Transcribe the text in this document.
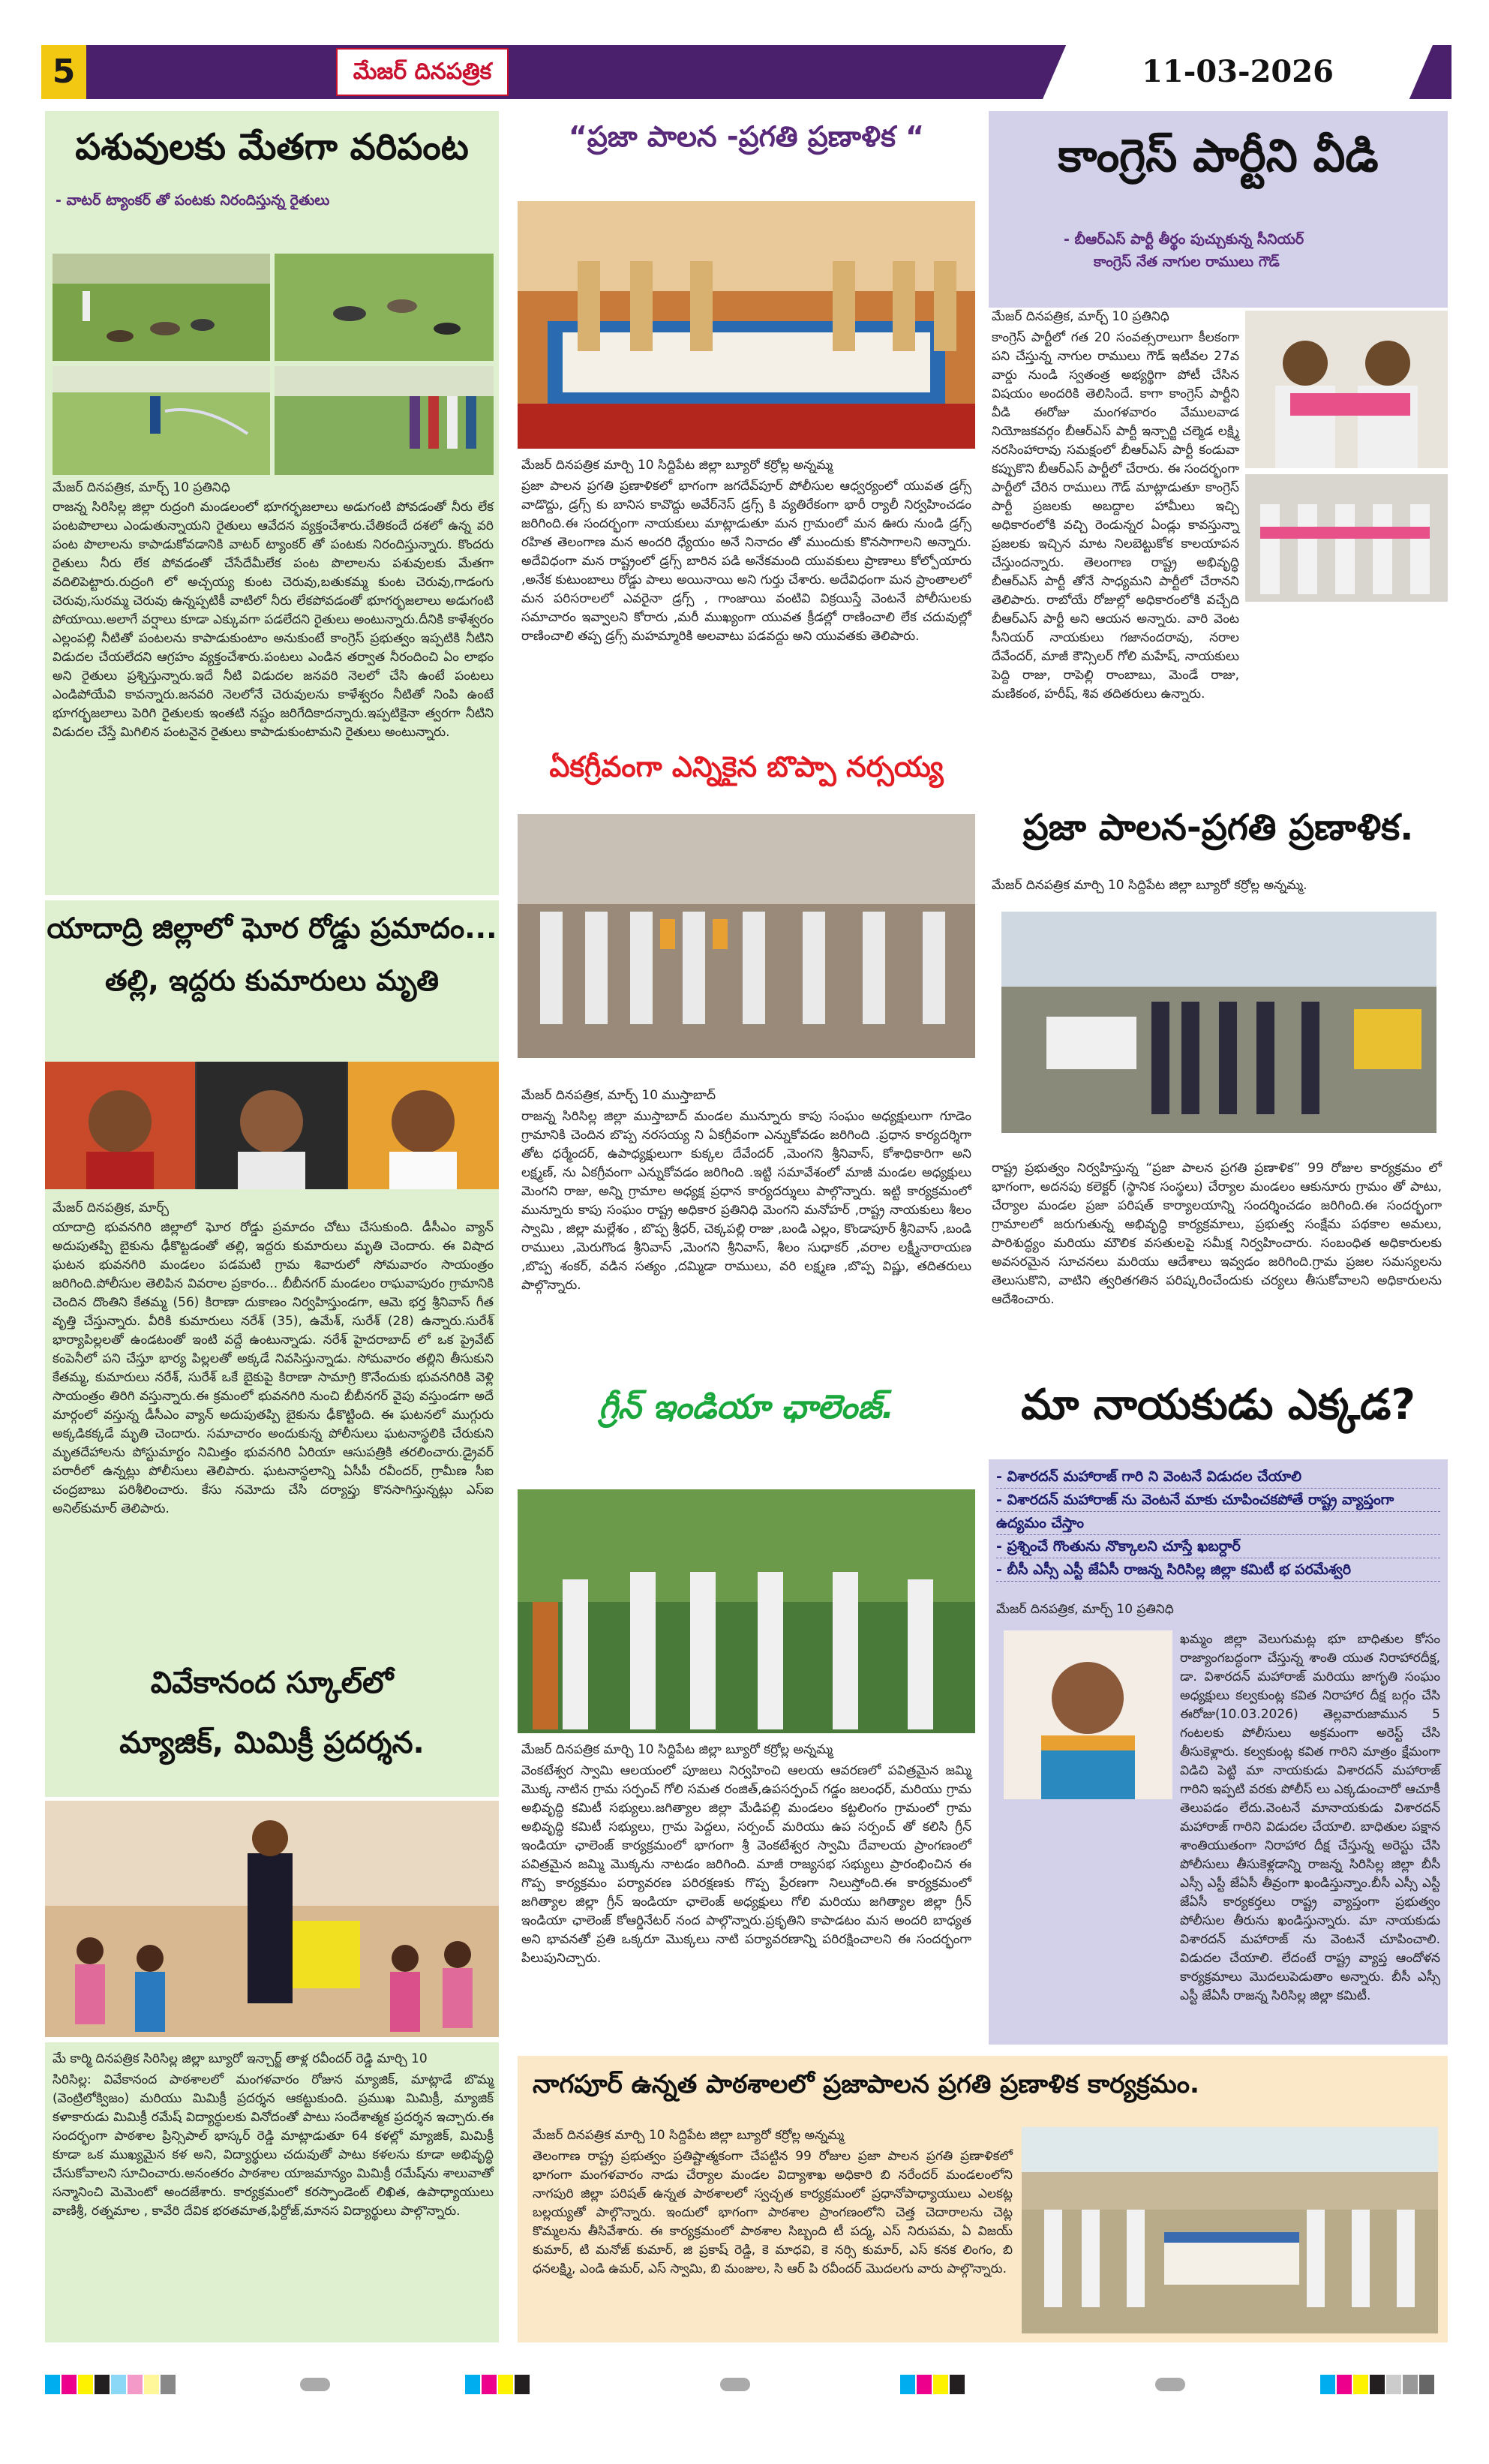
5	మేజర్ దినపత్రిక	11-03-2026
పశువులకు మేతగా వరిపంట
- వాటర్ ట్యాంకర్ తో పంటకు నిరందిస్తున్న రైతులు
మేజర్ దినపత్రిక, మార్చ్ 10 ప్రతినిధి
రాజన్న సిరిసిల్ల జిల్లా రుద్రంగి మండలంలో భూగర్భజలాలు అడుగంటి పోవడంతో నీరు లేక పంటపొలాలు ఎండుతున్నాయని రైతులు ఆవేదన వ్యక్తంచేశారు.చేతికందే దశలో ఉన్న వరి పంట పొలాలను కాపాడుకోవడానికి వాటర్ ట్యాంకర్ తో పంటకు నిరందిస్తున్నారు. కొందరు రైతులు నీరు లేక పోవడంతో చేసేదేమీలేక పంట పొలాలను పశువులకు మేతగా వదిలిపెట్టారు.రుద్రంగి లో అచ్చయ్య కుంట చెరువు,బతుకమ్మ కుంట చెరువు,గాడంగు చెరువు,సురమ్మ చెరువు ఉన్నప్పటికీ వాటిలో నీరు లేకపోవడంతో భూగర్భజలాలు అడుగంటి పోయాయి.అలాగే వర్షాలు కూడా ఎక్కువగా పడలేదని రైతులు అంటున్నారు.దీనికి కాళేశ్వరం ఎల్లంపల్లి నీటితో పంటలను కాపాడుకుంటాం అనుకుంటే కాంగ్రెస్ ప్రభుత్వం ఇప్పటికి నీటిని విడుదల చేయలేదని ఆగ్రహం వ్యక్తంచేశారు.పంటలు ఎండిన తర్వాత నీరందించి ఏం లాభం అని రైతులు ప్రశ్నిస్తున్నారు.ఇదే నీటి విడుదల జనవరి నెలలో చేసి ఉంటే పంటలు ఎండిపోయేవి కావన్నారు.జనవరి నెలలోనే చెరువులను కాళేశ్వరం నీటితో నింపి ఉంటే భూగర్భజలాలు పెరిగి రైతులకు ఇంతటి నష్టం జరిగేదికాదన్నారు.ఇప్పటికైనా త్వరగా నీటిని విడుదల చేస్తే మిగిలిన పంటనైన రైతులు కాపాడుకుంటామని రైతులు అంటున్నారు.
యాదాద్రి జిల్లాలో ఘోర రోడ్డు ప్రమాదం...
తల్లి, ఇద్దరు కుమారులు మృతి
మేజర్ దినపత్రిక, మార్చ్
యాదాద్రి భువనగిరి జిల్లాలో ఘోర రోడ్డు ప్రమాదం చోటు చేసుకుంది. డీసీఎం వ్యాన్ అదుపుతప్పి బైకును ఢీకొట్టడంతో తల్లి, ఇద్దరు కుమారులు మృతి చెందారు. ఈ విషాద ఘటన భువనగిరి మండలం పడమటి గ్రామ శివారులో సోమవారం సాయంత్రం జరిగింది.పోలీసుల తెలిపిన వివరాల ప్రకారం... బీబీనగర్ మండలం రాఘవాపురం గ్రామానికి చెందిన దొంతిని కేతమ్మ (56) కిరాణా దుకాణం నిర్వహిస్తుండగా, ఆమె భర్త శ్రీనివాస్ గీత వృత్తి చేస్తున్నారు. వీరికి కుమారులు నరేశ్ (35), ఉమేశ్, సురేశ్ (28) ఉన్నారు.సురేశ్ భార్యాపిల్లలతో ఉండటంతో ఇంటి వద్దే ఉంటున్నాడు. నరేశ్ హైదరాబాద్ లో ఒక ప్రైవేట్ కంపెనీలో పని చేస్తూ భార్య పిల్లలతో అక్కడే నివసిస్తున్నాడు. సోమవారం తల్లిని తీసుకుని కేతమ్మ, కుమారులు నరేశ్, సురేశ్ ఒకే బైకుపై కిరాణా సామాగ్రి కొనేందుకు భువనగిరికి వెళ్లి సాయంత్రం తిరిగి వస్తున్నారు.ఈ క్రమంలో భువనగిరి నుంచి బీబీనగర్ వైపు వస్తుండగా అదే మార్గంలో వస్తున్న డీసీఎం వ్యాన్ అదుపుతప్పి బైకును ఢీకొట్టింది. ఈ ఘటనలో ముగ్గురు అక్కడికక్కడే మృతి చెందారు. సమాచారం అందుకున్న పోలీసులు ఘటనాస్థలికి చేరుకుని మృతదేహాలను పోస్టుమార్టం నిమిత్తం భువనగిరి ఏరియా ఆసుపత్రికి తరలించారు.డ్రైవర్ పరారీలో ఉన్నట్లు పోలీసులు తెలిపారు. ఘటనాస్థలాన్ని ఏసీపీ రవీందర్, గ్రామీణ సీఐ చంద్రబాబు పరిశీలించారు. కేసు నమోదు చేసి దర్యాప్తు కొనసాగిస్తున్నట్లు ఎస్ఐ అనిల్‌కుమార్ తెలిపారు.
వివేకానంద స్కూల్‌లో
మ్యాజిక్, మిమిక్రీ ప్రదర్శన.
మే కార్మి దినపత్రిక సిరిసిల్ల జిల్లా బ్యూరో ఇన్చార్జ్ తాళ్ల రవీందర్ రెడ్డి మార్చి 10
సిరిసిల్ల: వివేకానంద పాఠశాలలో మంగళవారం రోజున మ్యాజిక్, మాట్లాడే బొమ్మ (వెంట్రిలోక్విజం) మరియు మిమిక్రీ ప్రదర్శన ఆకట్టుకుంది. ప్రముఖ మిమిక్రీ, మ్యాజిక్ కళాకారుడు మిమిక్రీ రమేష్ విద్యార్థులకు వినోదంతో పాటు సందేశాత్మక ప్రదర్శన ఇచ్చారు.ఈ సందర్భంగా పాఠశాల ప్రిన్సిపాల్ భాస్కర్ రెడ్డి మాట్లాడుతూ 64 కళల్లో మ్యాజిక్, మిమిక్రీ కూడా ఒక ముఖ్యమైన కళ అని, విద్యార్థులు చదువుతో పాటు కళలను కూడా అభివృద్ధి చేసుకోవాలని సూచించారు.అనంతరం పాఠశాల యాజమాన్యం మిమిక్రీ రమేష్‌ను శాలువాతో సన్మానించి మెమెంటో అందజేశారు. కార్యక్రమంలో కరస్పాండెంట్ లిఖిత, ఉపాధ్యాయులు వాణిశ్రీ, రత్నమాల , కావేరి దేవిక భరతమాత,ఫిర్దోజ్,మానస విద్యార్థులు పాల్గొన్నారు.
“ప్రజా పాలన -ప్రగతి ప్రణాళిక “
మేజర్ దినపత్రిక మార్చి 10 సిద్దిపేట జిల్లా బ్యూరో కర్రోల్ల అన్నమ్మ
ప్రజా పాలన ప్రగతి ప్రణాళికలో భాగంగా జగదేవ్‌పూర్ పోలీసుల ఆధ్వర్యంలో యువత డ్రగ్స్ వాడొద్దు, డ్రగ్స్ కు బానిస కావొద్దు అవేర్‌నెస్ డ్రగ్స్ కి వ్యతిరేకంగా భారీ ర్యాలీ నిర్వహించడం జరిగింది.ఈ సందర్భంగా నాయకులు మాట్లాడుతూ మన గ్రామంలో మన ఊరు నుండి డ్రగ్స్ రహిత తెలంగాణ మన అందరి ధ్యేయం అనే నినాదం తో ముందుకు కొనసాగాలని అన్నారు. అదేవిధంగా మన రాష్ట్రంలో డ్రగ్స్ బారిన పడి అనేకమంది యువకులు ప్రాణాలు కోల్పోయారు ,అనేక కుటుంబాలు రోడ్డు పాలు అయినాయి అని గుర్తు చేశారు. అదేవిధంగా మన ప్రాంతాలలో మన పరిసరాలలో ఎవరైనా డ్రగ్స్ , గాంజాయి వంటివి విక్రయిస్తే వెంటనే పోలీసులకు సమాచారం ఇవ్వాలని కోరారు ,మరీ ముఖ్యంగా యువత క్రీడల్లో రాణించాలి లేక చదువుల్లో రాణించాలి తప్ప డ్రగ్స్ మహమ్మారికి అలవాటు పడవద్దు అని యువతకు తెలిపారు.
ఏకగ్రీవంగా ఎన్నికైన బొప్పా నర్సయ్య
మేజర్ దినపత్రిక, మార్చ్ 10 ముస్తాబాద్
రాజన్న సిరిసిల్ల జిల్లా ముస్తాబాద్ మండల మున్నూరు కాపు సంఘం అధ్యక్షులుగా గూడెం గ్రామానికి చెందిన బొప్ప నరసయ్య ని ఏకగ్రీవంగా ఎన్నుకోవడం జరిగింది .ప్రధాన కార్యదర్శిగా తోట ధర్మేందర్, ఉపాధ్యక్షులుగా కుక్కల దేవేందర్ ,మెంగని శ్రీనివాస్, కోశాధికారిగా అని లక్ష్మణ్, ను ఏకగ్రీవంగా ఎన్నుకోవడం జరిగింది .ఇట్టి సమావేశంలో మాజీ మండల అధ్యక్షులు మెంగని రాజు, అన్ని గ్రామాల అధ్యక్ష ప్రధాన కార్యదర్శులు పాల్గొన్నారు. ఇట్టి కార్యక్రమంలో మున్నూరు కాపు సంఘం రాష్ట్ర అధికార ప్రతినిధి మెంగని మనోహర్ ,రాష్ట్ర నాయకులు శీలం స్వామి , జిల్లా మల్లేశం , బొప్ప శ్రీధర్, చెక్కపల్లి రాజు ,బండి ఎల్లం, కొండాపూర్ శ్రీనివాస్ ,బండి రాములు ,మెరుగొండ శ్రీనివాస్ ,మెంగని శ్రీనివాస్, శీలం సుధాకర్ ,వరాల లక్ష్మీనారాయణ ,బొప్ప శంకర్, వడిన సత్యం ,దమ్మిడా రాములు, వరి లక్ష్మణ ,బొప్ప విష్ణు, తదితరులు పాల్గొన్నారు.
గ్రీన్ ఇండియా ఛాలెంజ్.
మేజర్ దినపత్రిక మార్చి 10 సిద్దిపేట జిల్లా బ్యూరో కర్రోల్ల అన్నమ్మ
వెంకటేశ్వర స్వామి ఆలయంలో పూజలు నిర్వహించి ఆలయ ఆవరణలో పవిత్రమైన జమ్మి మొక్క నాటిన గ్రామ సర్పంచ్ గోలి సమత రంజిత్,ఉపసర్పంచ్ గడ్డం జలంధర్, మరియు గ్రామ అభివృద్ధి కమిటీ సభ్యులు.జగిత్యాల జిల్లా మేడిపల్లి మండలం కట్టలింగం గ్రామంలో గ్రామ అభివృద్ధి కమిటీ సభ్యులు, గ్రామ పెద్దలు, సర్పంచ్ మరియు ఉప సర్పంచ్ తో కలిసి గ్రీన్ ఇండియా ఛాలెంజ్ కార్యక్రమంలో భాగంగా శ్రీ వెంకటేశ్వర స్వామి దేవాలయ ప్రాంగణంలో పవిత్రమైన జమ్మి మొక్కను నాటడం జరిగింది. మాజీ రాజ్యసభ సభ్యులు ప్రారంభించిన ఈ గొప్ప కార్యక్రమం పర్యావరణ పరిరక్షణకు గొప్ప ప్రేరణగా నిలుస్తోంది.ఈ కార్యక్రమంలో జగిత్యాల జిల్లా గ్రీన్ ఇండియా ఛాలెంజ్ అధ్యక్షులు గోలి మరియు జగిత్యాల జిల్లా గ్రీన్ ఇండియా ఛాలెంజ్ కోఆర్డినేటర్ నంద పాల్గొన్నారు.ప్రకృతిని కాపాడటం మన అందరి బాధ్యత అని భావనతో ప్రతి ఒక్కరూ మొక్కలు నాటి పర్యావరణాన్ని పరిరక్షించాలని ఈ సందర్భంగా పిలుపునిచ్చారు.
కాంగ్రెస్ పార్టీని వీడి
- బీఆర్ఎస్ పార్టీ తీర్థం పుచ్చుకున్న సీనియర్
కాంగ్రెస్ నేత నాగుల రాములు గౌడ్
మేజర్ దినపత్రిక, మార్చ్ 10 ప్రతినిధి
కాంగ్రెస్ పార్టీలో గత 20 సంవత్సరాలుగా కీలకంగా పని చేస్తున్న నాగుల రాములు గౌడ్ ఇటీవల 27వ వార్డు నుండి స్వతంత్ర అభ్యర్థిగా పోటీ చేసిన విషయం అందరికి తెలిసిందే. కాగా కాంగ్రెస్ పార్టీని వీడి ఈరోజు మంగళవారం వేములవాడ నియోజకవర్గం బీఆర్ఎస్ పార్టీ ఇన్చార్జి చల్మెడ లక్ష్మి నరసింహారావు సమక్షంలో బీఆర్ఎస్ పార్టీ కండువా కప్పుకొని బీఆర్ఎస్ పార్టీలో చేరారు. ఈ సందర్భంగా పార్టీలో చేరిన రాములు గౌడ్ మాట్లాడుతూ కాంగ్రెస్ పార్టీ ప్రజలకు అబద్దాల హామీలు ఇచ్చి అధికారంలోకి వచ్చి రెండున్నర ఏండ్లు కావస్తున్నా ప్రజలకు ఇచ్చిన మాట నిలబెట్టుకోక కాలయాపన చేస్తుందన్నారు. తెలంగాణ రాష్ట్ర అభివృద్ధి బీఆర్ఎస్ పార్టీ తోనే సాధ్యమని పార్టీలో చేరానని తెలిపారు. రాబోయే రోజుల్లో అధికారంలోకి వచ్చేది బీఆర్ఎస్ పార్టీ అని ఆయన అన్నారు. వారి వెంట సీనియర్ నాయకులు గజానందరావు, నరాల దేవేందర్, మాజీ కౌన్సిలర్ గోలి మహేష్, నాయకులు పెద్ది రాజు, రాపెల్లి రాంబాబు, మెండే రాజు, మణికంఠ, హరీష్, శివ తదితరులు ఉన్నారు.
ప్రజా పాలన-ప్రగతి ప్రణాళిక.
మేజర్ దినపత్రిక మార్చి 10 సిద్దిపేట జిల్లా బ్యూరో కర్రోల్ల అన్నమ్మ.
రాష్ట్ర ప్రభుత్వం నిర్వహిస్తున్న “ప్రజా పాలన ప్రగతి ప్రణాళిక” 99 రోజుల కార్యక్రమం లో భాగంగా, అదనపు కలెక్టర్ (స్థానిక సంస్థలు) చేర్యాల మండలం ఆకునూరు గ్రామం తో పాటు, చేర్యాల మండల ప్రజా పరిషత్ కార్యాలయాన్ని సందర్శించడం జరిగింది.ఈ సందర్భంగా గ్రామాలలో జరుగుతున్న అభివృద్ధి కార్యక్రమాలు, ప్రభుత్వ సంక్షేమ పథకాల అమలు, పారిశుద్ధ్యం మరియు మౌలిక వసతులపై సమీక్ష నిర్వహించారు. సంబంధిత అధికారులకు అవసరమైన సూచనలు మరియు ఆదేశాలు ఇవ్వడం జరిగింది.గ్రామ ప్రజల సమస్యలను తెలుసుకొని, వాటిని త్వరితగతిన పరిష్కరించేందుకు చర్యలు తీసుకోవాలని అధికారులను ఆదేశించారు.
మా నాయకుడు ఎక్కడ?
- విశారదన్ మహారాజ్ గారి ని వెంటనే విడుదల చేయాలి
- విశారదన్ మహారాజ్ ను వెంటనే మాకు చూపించకపోతే రాష్ట్ర వ్యాప్తంగా
ఉద్యమం చేస్తాం
- ప్రశ్నించే గొంతును నొక్కాలని చూస్తే ఖబర్దార్
- బీసీ ఎస్సీ ఎస్టీ జేఏసీ రాజన్న సిరిసిల్ల జిల్లా కమిటీ భ పరమేశ్వరి
మేజర్ దినపత్రిక, మార్చ్ 10 ప్రతినిధి
ఖమ్మం జిల్లా వెలుగుమట్ల భూ బాధితుల కోసం రాజ్యాంగబద్ధంగా చేస్తున్న శాంతి యుత నిరాహారదీక్ష, డా. విశారదన్ మహారాజ్ మరియు జాగృతి సంఘం అధ్యక్షులు కల్వకుంట్ల కవిత నిరాహార దీక్ష బగ్గం చేసి ఈరోజు(10.03.2026) తెల్లవారుజామున 5 గంటలకు పోలీసులు అక్రమంగా అరెస్ట్ చేసి తీసుకెళ్లారు. కల్వకుంట్ల కవిత గారిని మాత్రం క్షేమంగా విడిచి పెట్టి మా నాయకుడు విశారదన్ మహారాజ్ గారిని ఇప్పటి వరకు పోలీస్ లు ఎక్కడుంచారో ఆచూకీ తెలుపడం లేదు.వెంటనే మానాయకుడు విశారదన్ మహారాజ్ గారిని విడుదల చేయాలి. బాధితుల పక్షాన శాంతియుతంగా నిరాహార దీక్ష చేస్తున్న అరెస్టు చేసి పోలీసులు తీసుకెళ్లడాన్ని రాజన్న సిరిసిల్ల జిల్లా బీసీ ఎస్సీ ఎస్టీ జేఏసీ తీవ్రంగా ఖండిస్తున్నాం.బీసీ ఎస్సీ ఎస్టీ జేఏసీ కార్యకర్తలు రాష్ట్ర వ్యాప్తంగా ప్రభుత్వం పోలీసుల తీరును ఖండిస్తున్నారు. మా నాయకుడు విశారదన్ మహారాజ్ ను వెంటనే చూపించాలి. విడుదల చేయాలి. లేదంటే రాష్ట్ర వ్యాప్త ఆందోళన కార్యక్రమాలు మొదలుపెడుతాం అన్నారు. బీసీ ఎస్సీ ఎస్టీ జేఏసీ రాజన్న సిరిసిల్ల జిల్లా కమిటీ.
నాగపూర్ ఉన్నత పాఠశాలలో ప్రజాపాలన ప్రగతి ప్రణాళిక కార్యక్రమం.
మేజర్ దినపత్రిక మార్చి 10 సిద్దిపేట జిల్లా బ్యూరో కర్రోల్ల అన్నమ్మ
తెలంగాణ రాష్ట్ర ప్రభుత్వం ప్రతిష్టాత్మకంగా చేపట్టిన 99 రోజుల ప్రజా పాలన ప్రగతి ప్రణాళికలో భాగంగా మంగళవారం నాడు చేర్యాల మండల విద్యాశాఖ అధికారి బి నరేందర్ మండలంలోని నాగపురి జిల్లా పరిషత్ ఉన్నత పాఠశాలలో స్వచ్ఛత కార్యక్రమంలో ప్రధానోపాధ్యాయులు ఎలకట్ల బల్లయ్యతో పాల్గొన్నారు. ఇందులో భాగంగా పాఠశాల ప్రాంగణంలోని చెత్త చెదారాలను చెట్ల కొమ్మలను తీసివేశారు. ఈ కార్యక్రమంలో పాఠశాల సిబ్బంది టీ పద్మ, ఎస్ నిరుపమ, ఏ విజయ్ కుమార్, టి మనోజ్ కుమార్, జి ప్రకాష్ రెడ్డి, కె మాధవి, కె నర్సి కుమార్, ఎస్ కనక లింగం, బి ధనలక్ష్మి, ఎండి ఉమర్, ఎస్ స్వామి, బి మంజుల, సి ఆర్ పి రవీందర్ మొదలగు వారు పాల్గొన్నారు.
